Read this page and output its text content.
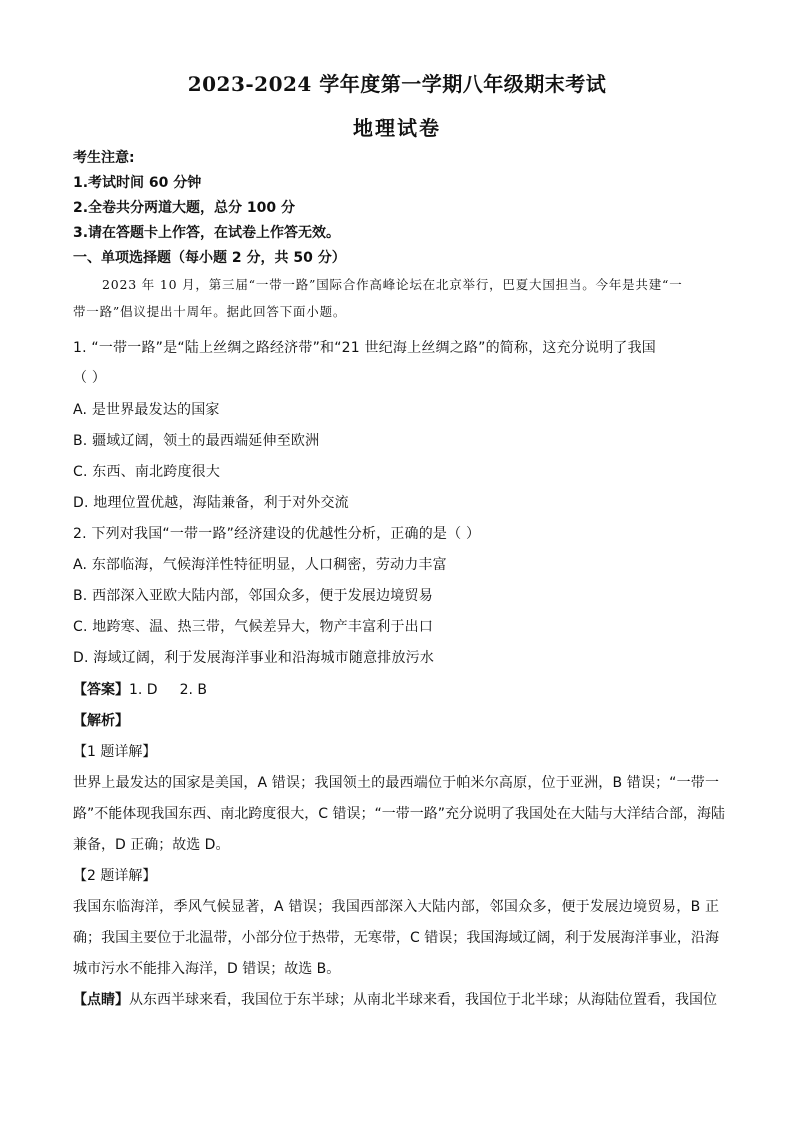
2023-2024 学年度第一学期八年级期末考试
地理试卷
考生注意:
1.考试时间 60 分钟
2.全卷共分两道大题，总分 100 分
3.请在答题卡上作答，在试卷上作答无效。
一、单项选择题（每小题 2 分，共 50 分）
2023 年 10 月，第三届“一带一路”国际合作高峰论坛在北京举行，巴夏大国担当。今年是共建“一
带一路”倡议提出十周年。据此回答下面小题。
1. “一带一路”是“陆上丝绸之路经济带”和“21 世纪海上丝绸之路”的简称，这充分说明了我国
（ ）
A. 是世界最发达的国家
B. 疆域辽阔，领土的最西端延伸至欧洲
C. 东西、南北跨度很大
D. 地理位置优越，海陆兼备，利于对外交流
2. 下列对我国“一带一路”经济建设的优越性分析，正确的是（ ）
A. 东部临海，气候海洋性特征明显，人口稠密，劳动力丰富
B. 西部深入亚欧大陆内部，邻国众多，便于发展边境贸易
C. 地跨寒、温、热三带，气候差异大，物产丰富利于出口
D. 海域辽阔，利于发展海洋事业和沿海城市随意排放污水
【答案】1. D 2. B
【解析】
【1 题详解】
世界上最发达的国家是美国，A 错误；我国领土的最西端位于帕米尔高原，位于亚洲，B 错误；“一带一
路”不能体现我国东西、南北跨度很大，C 错误；“一带一路”充分说明了我国处在大陆与大洋结合部，海陆
兼备，D 正确；故选 D。
【2 题详解】
我国东临海洋，季风气候显著，A 错误；我国西部深入大陆内部，邻国众多，便于发展边境贸易，B 正
确；我国主要位于北温带，小部分位于热带，无寒带，C 错误；我国海域辽阔，利于发展海洋事业，沿海
城市污水不能排入海洋，D 错误；故选 B。
【点睛】从东西半球来看，我国位于东半球；从南北半球来看，我国位于北半球；从海陆位置看，我国位
